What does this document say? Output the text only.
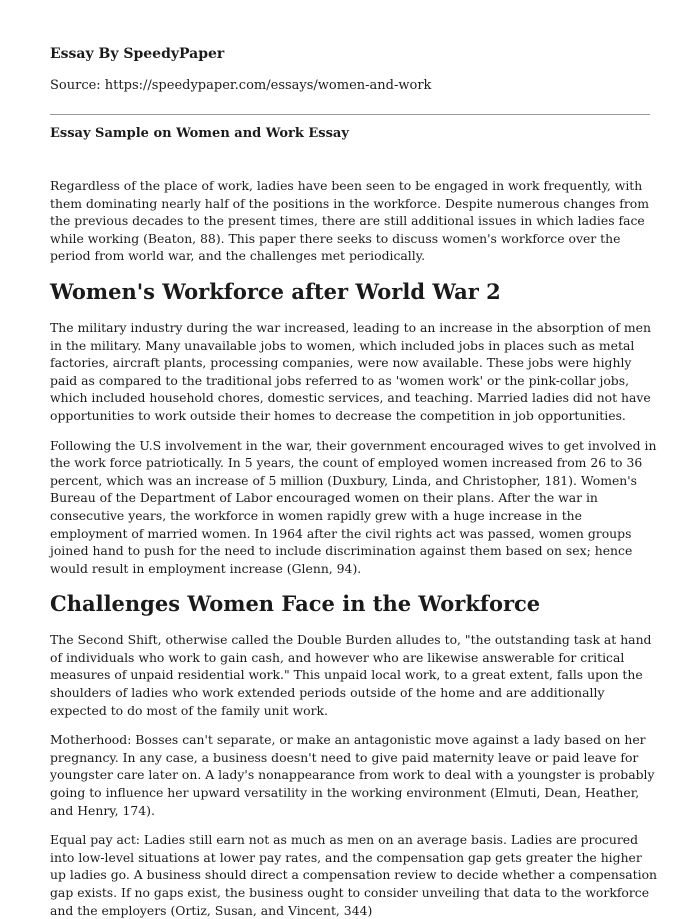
Essay By SpeedyPaper
Source: https://speedypaper.com/essays/women-and-work
Essay Sample on Women and Work Essay

Regardless of the place of work, ladies have been seen to be engaged in work frequently, with them dominating nearly half of the positions in the workforce. Despite numerous changes from the previous decades to the present times, there are still additional issues in which ladies face while working (Beaton, 88). This paper there seeks to discuss women's workforce over the period from world war, and the challenges met periodically.

Women's Workforce after World War 2

The military industry during the war increased, leading to an increase in the absorption of men in the military. Many unavailable jobs to women, which included jobs in places such as metal factories, aircraft plants, processing companies, were now available. These jobs were highly paid as compared to the traditional jobs referred to as 'women work' or the pink-collar jobs, which included household chores, domestic services, and teaching. Married ladies did not have opportunities to work outside their homes to decrease the competition in job opportunities.

Following the U.S involvement in the war, their government encouraged wives to get involved in the work force patriotically. In 5 years, the count of employed women increased from 26 to 36 percent, which was an increase of 5 million (Duxbury, Linda, and Christopher, 181). Women's Bureau of the Department of Labor encouraged women on their plans. After the war in consecutive years, the workforce in women rapidly grew with a huge increase in the employment of married women. In 1964 after the civil rights act was passed, women groups joined hand to push for the need to include discrimination against them based on sex; hence would result in employment increase (Glenn, 94).

Challenges Women Face in the Workforce

The Second Shift, otherwise called the Double Burden alludes to, "the outstanding task at hand of individuals who work to gain cash, and however who are likewise answerable for critical measures of unpaid residential work." This unpaid local work, to a great extent, falls upon the shoulders of ladies who work extended periods outside of the home and are additionally expected to do most of the family unit work.

Motherhood: Bosses can't separate, or make an antagonistic move against a lady based on her pregnancy. In any case, a business doesn't need to give paid maternity leave or paid leave for youngster care later on. A lady's nonappearance from work to deal with a youngster is probably going to influence her upward versatility in the working environment (Elmuti, Dean, Heather, and Henry, 174).

Equal pay act: Ladies still earn not as much as men on an average basis. Ladies are procured into low-level situations at lower pay rates, and the compensation gap gets greater the higher up ladies go. A business should direct a compensation review to decide whether a compensation gap exists. If no gaps exist, the business ought to consider unveiling that data to the workforce and the employers (Ortiz, Susan, and Vincent, 344)
